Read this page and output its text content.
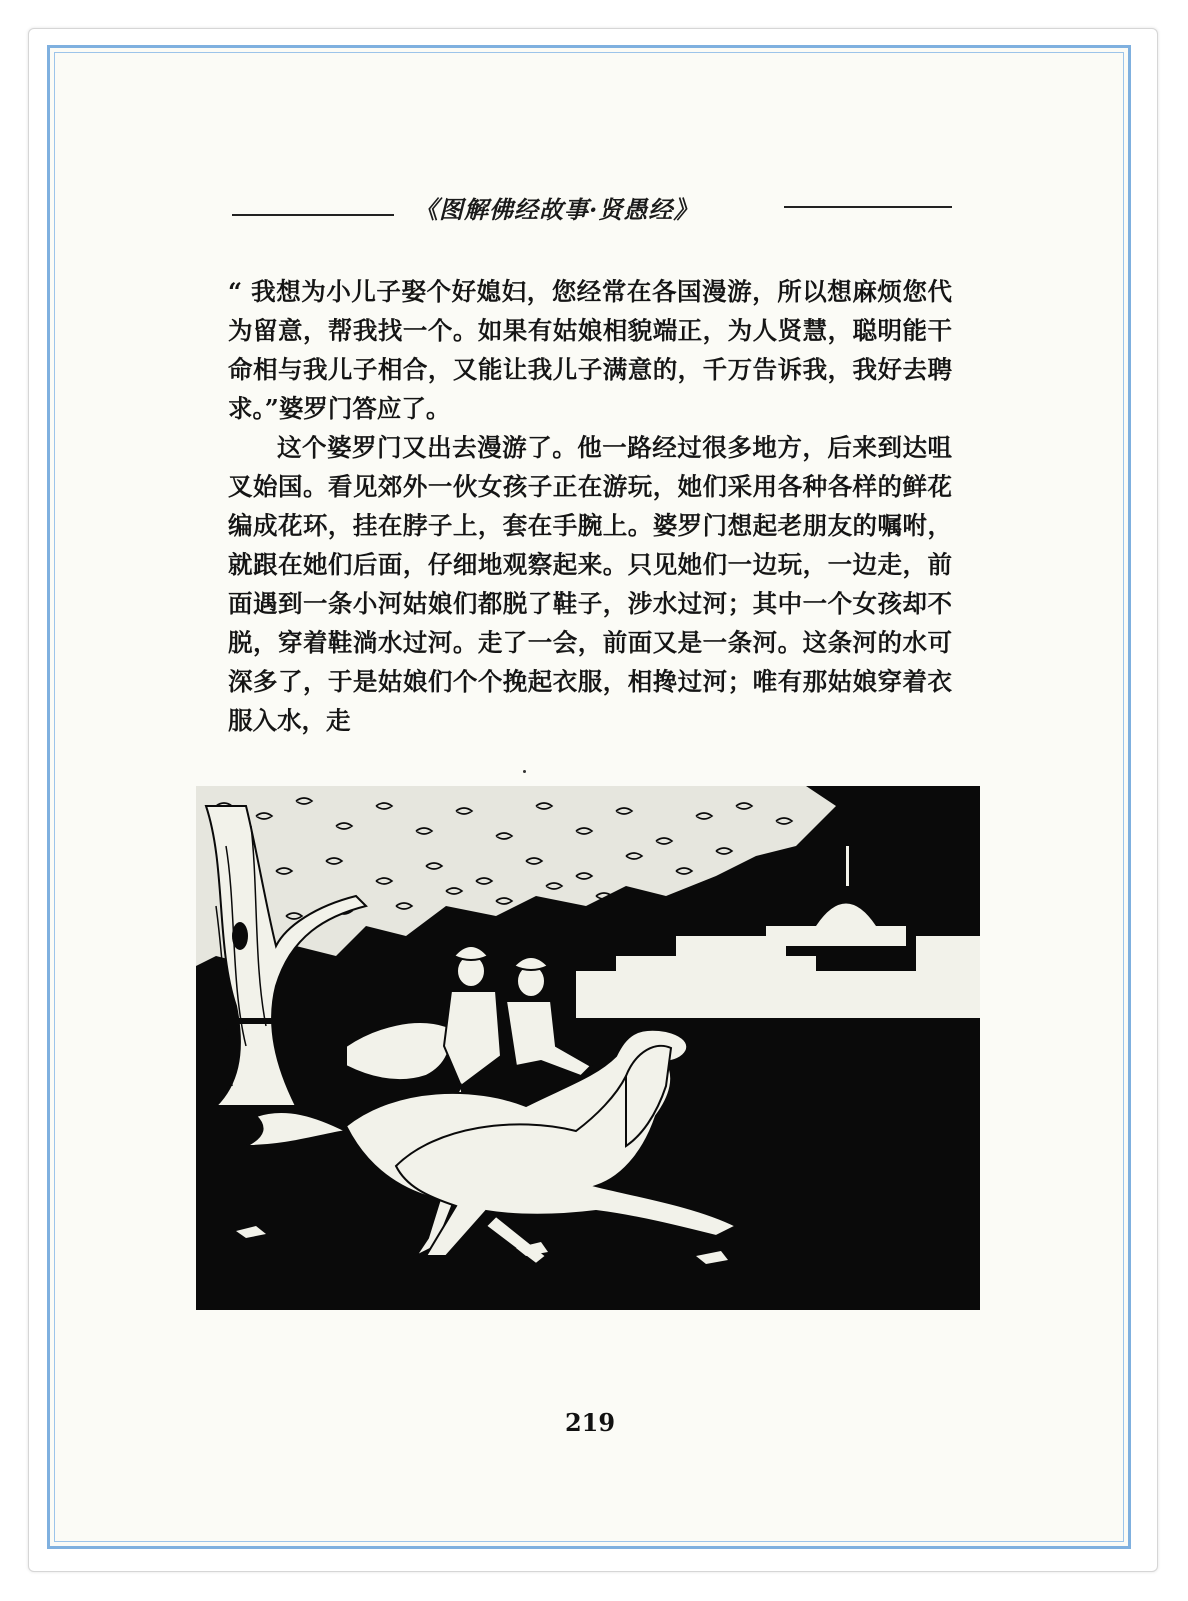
《图解佛经故事·贤愚经》

“ 我想为小儿子娶个好媳妇，您经常在各国漫游，所以想麻烦您代为留意，帮我找一个。如果有姑娘相貌端正，为人贤慧，聪明能干命相与我儿子相合，又能让我儿子满意的，千万告诉我，我好去聘求。”婆罗门答应了。

这个婆罗门又出去漫游了。他一路经过很多地方，后来到达咀叉始国。看见郊外一伙女孩子正在游玩，她们采用各种各样的鲜花编成花环，挂在脖子上，套在手腕上。婆罗门想起老朋友的嘱咐，就跟在她们后面，仔细地观察起来。只见她们一边玩，一边走，前面遇到一条小河姑娘们都脱了鞋子，涉水过河；其中一个女孩却不脱，穿着鞋淌水过河。走了一会，前面又是一条河。这条河的水可深多了，于是姑娘们个个挽起衣服，相搀过河；唯有那姑娘穿着衣服入水，走

219
